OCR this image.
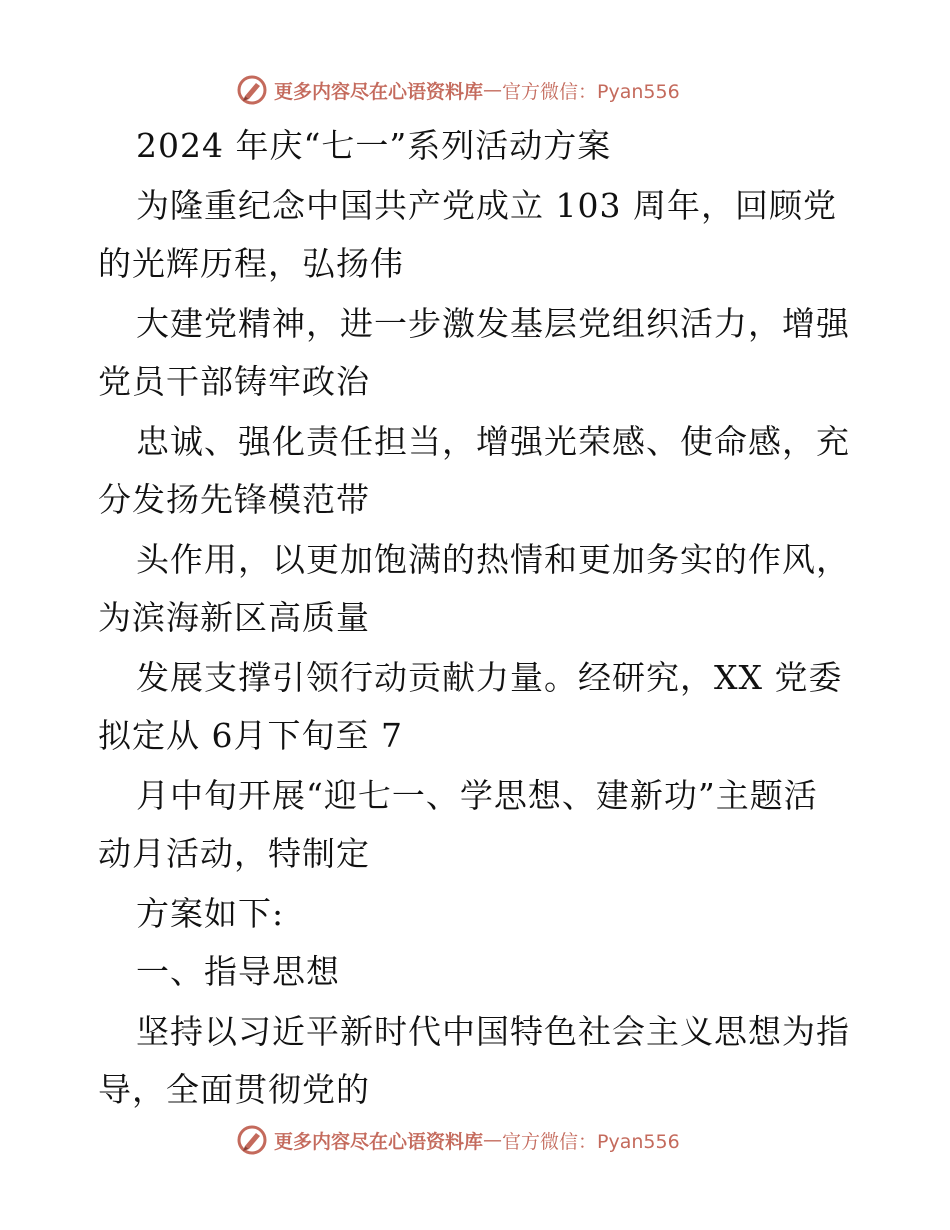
更多内容尽在心语资料库 — 官方微信：Pyan556
2024 年庆“七一”系列活动方案
为隆重纪念中国共产党成立 103 周年，回顾党
的光辉历程，弘扬伟
大建党精神，进一步激发基层党组织活力，增强
党员干部铸牢政治
忠诚、强化责任担当，增强光荣感、使命感，充
分发扬先锋模范带
头作用，以更加饱满的热情和更加务实的作风，
为滨海新区高质量
发展支撑引领行动贡献力量。经研究，XX 党委
拟定从 6月下旬至 7
月中旬开展“迎七一、学思想、建新功”主题活
动月活动，特制定
方案如下:
一、指导思想
坚持以习近平新时代中国特色社会主义思想为指
导，全面贯彻党的
更多内容尽在心语资料库 — 官方微信：Pyan556
